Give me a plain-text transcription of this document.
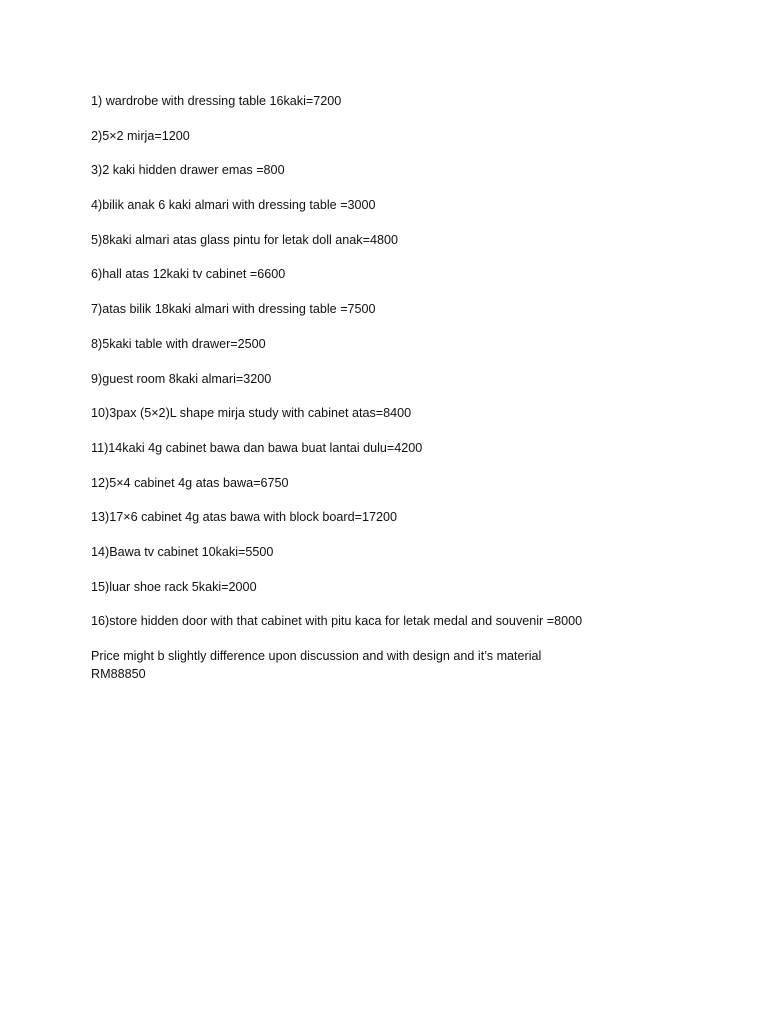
1) wardrobe with dressing table 16kaki=7200
2)5×2 mirja=1200
3)2 kaki hidden drawer emas =800
4)bilik anak 6 kaki almari with dressing table =3000
5)8kaki almari atas glass pintu for letak doll anak=4800
6)hall atas 12kaki tv cabinet =6600
7)atas bilik 18kaki almari with dressing table =7500
8)5kaki table with drawer=2500
9)guest room 8kaki almari=3200
10)3pax (5×2)L shape mirja study with cabinet atas=8400
11)14kaki 4g cabinet bawa dan bawa buat lantai dulu=4200
12)5×4 cabinet 4g atas bawa=6750
13)17×6 cabinet 4g atas bawa with block board=17200
14)Bawa tv cabinet 10kaki=5500
15)luar shoe rack 5kaki=2000
16)store hidden door with that cabinet with pitu kaca for letak medal and souvenir =8000
Price might b slightly difference upon discussion and with design and it’s material
RM88850
